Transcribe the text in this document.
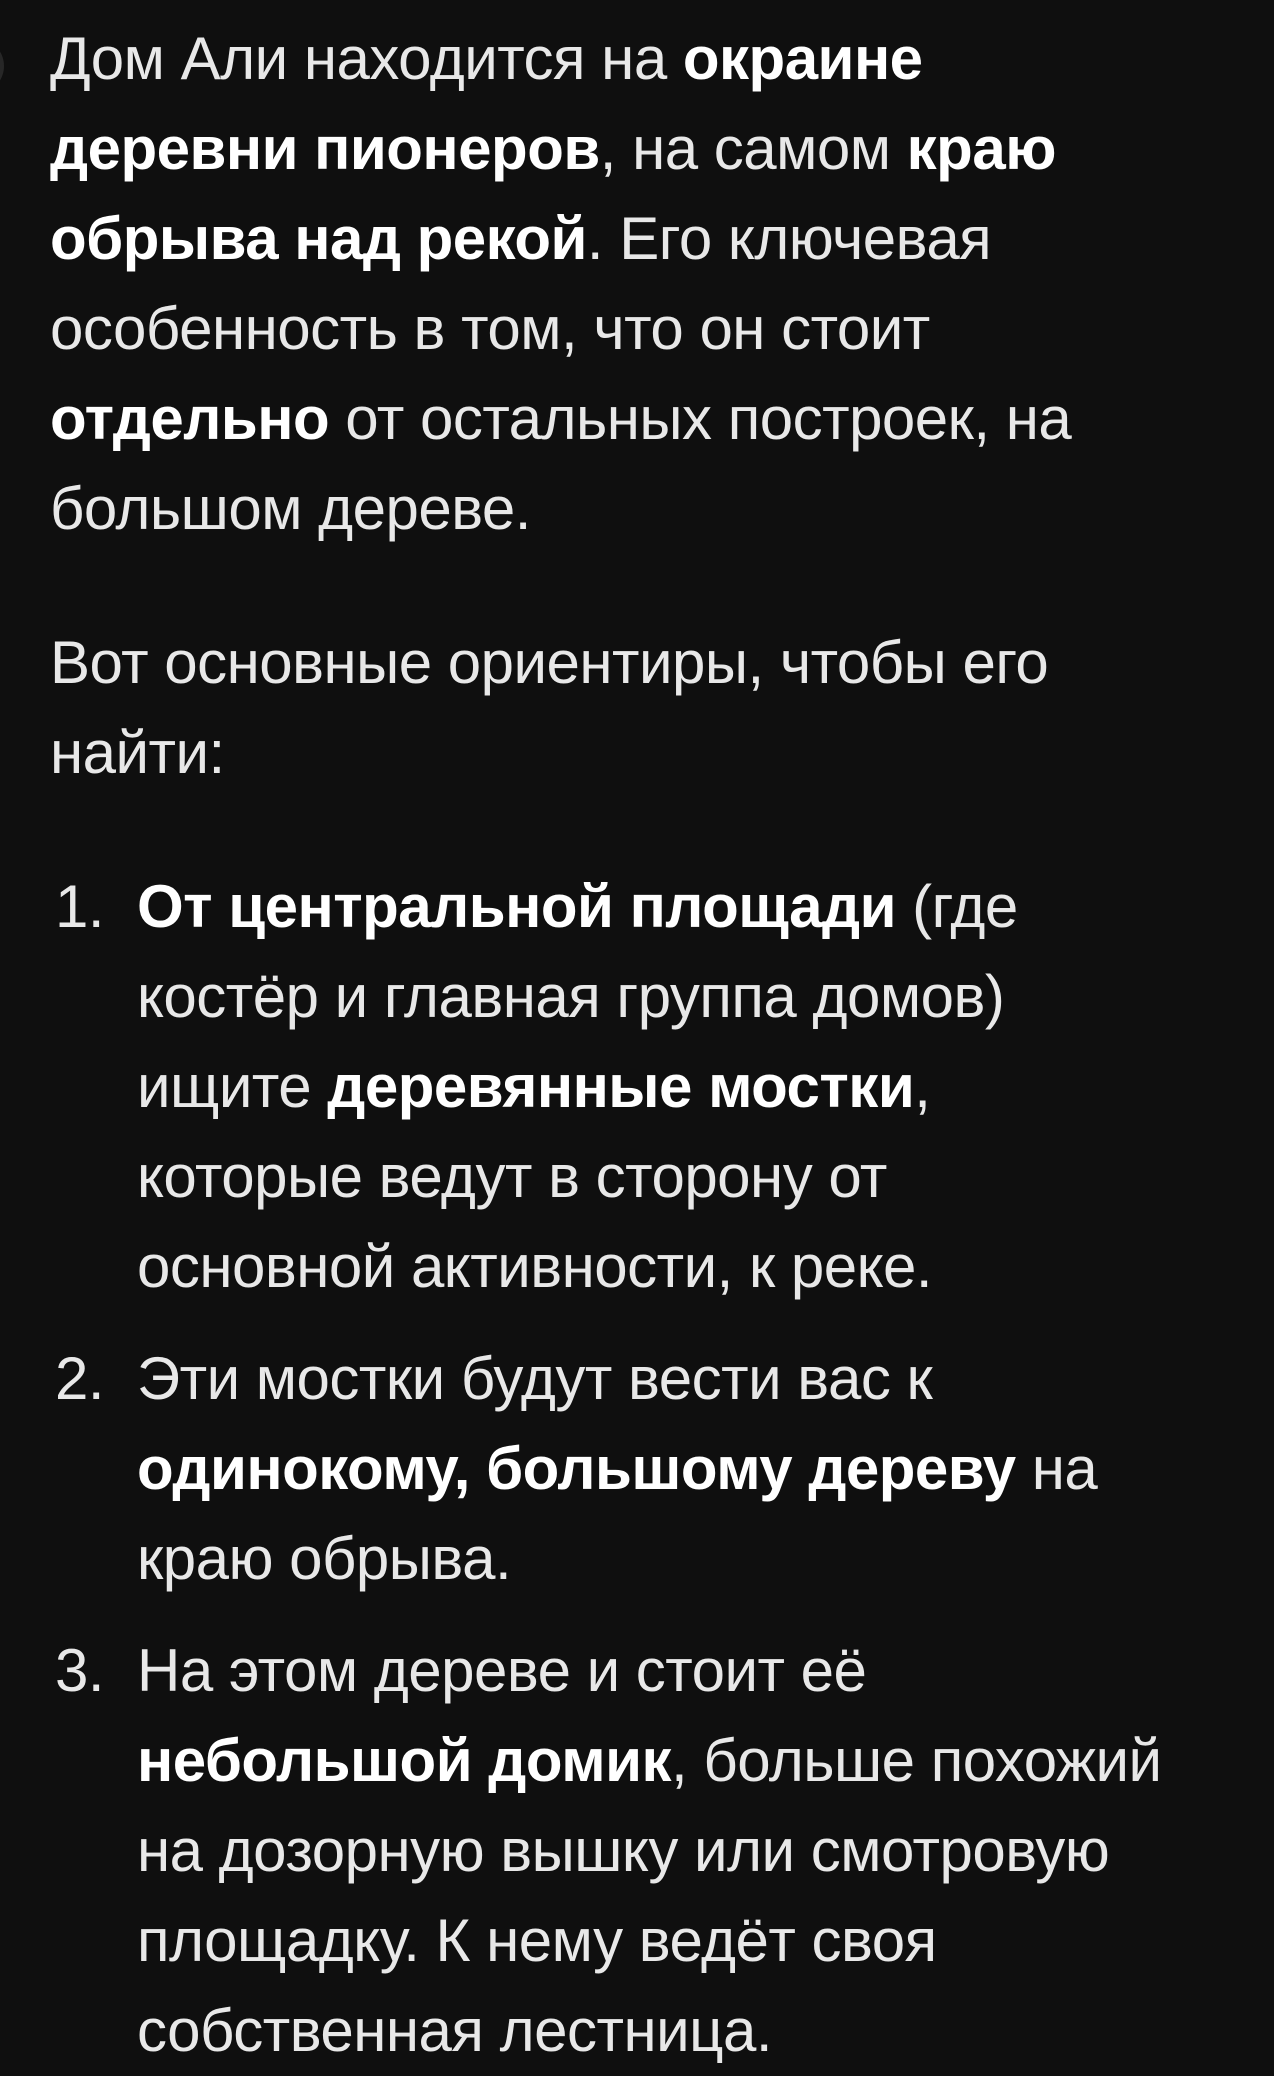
Дом Али находится на окраине
деревни пионеров, на самом краю
обрыва над рекой. Его ключевая
особенность в том, что он стоит
отдельно от остальных построек, на
большом дереве.
Вот основные ориентиры, чтобы его
найти:
1. От центральной площади (где
костёр и главная группа домов)
ищите деревянные мостки,
которые ведут в сторону от
основной активности, к реке.
2. Эти мостки будут вести вас к
одинокому, большому дереву на
краю обрыва.
3. На этом дереве и стоит её
небольшой домик, больше похожий
на дозорную вышку или смотровую
площадку. К нему ведёт своя
собственная лестница.
